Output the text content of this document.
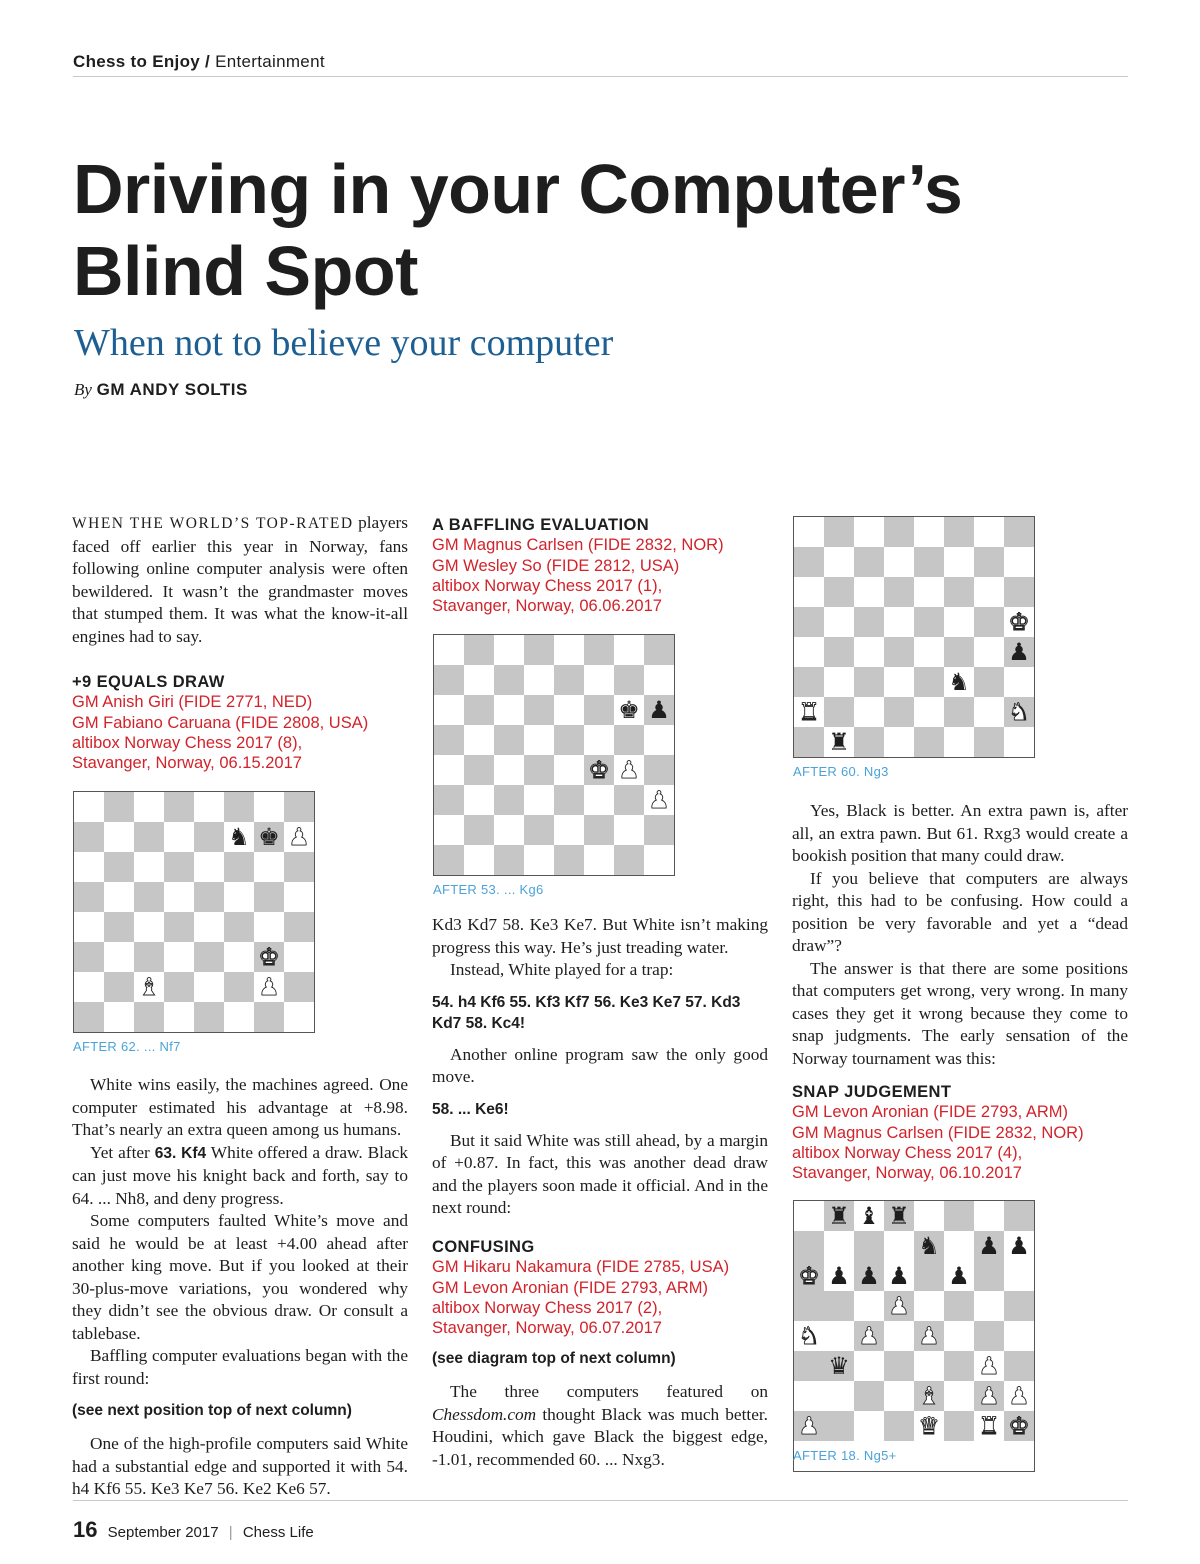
Chess to Enjoy / Entertainment
Driving in your Computer’s Blind Spot
When not to believe your computer
By GM ANDY SOLTIS

WHEN THE WORLD’S TOP-RATED players faced off earlier this year in Norway, fans following online computer analysis were often bewildered. It wasn’t the grandmaster moves that stumped them. It was what the know-it-all engines had to say.

+9 EQUALS DRAW
GM Anish Giri (FIDE 2771, NED)
GM Fabiano Caruana (FIDE 2808, USA)
altibox Norway Chess 2017 (8),
Stavanger, Norway, 06.15.2017
♞ ♚ ♟
♚
♝	♟
AFTER 62. ... Nf7

White wins easily, the machines agreed. One computer estimated his advantage at +8.98. That’s nearly an extra queen among us humans.

Yet after 63. Kf4 White offered a draw. Black can just move his knight back and forth, say to 64. ... Nh8, and deny progress.

Some computers faulted White’s move and said he would be at least +4.00 ahead after another king move. But if you looked at their 30-plus-move variations, you wondered why they didn’t see the obvious draw. Or consult a tablebase.

Baffling computer evaluations began with the first round:

(see next position top of next column)

One of the high-profile computers said White had a substantial edge and supported it with 54. h4 Kf6 55. Ke3 Ke7 56. Ke2 Ke6 57.

A BAFFLING EVALUATION
GM Magnus Carlsen (FIDE 2832, NOR)
GM Wesley So (FIDE 2812, USA)
altibox Norway Chess 2017 (1),
Stavanger, Norway, 06.06.2017
♚ ♟
♚ ♟
♟
AFTER 53. ... Kg6

Kd3 Kd7 58. Ke3 Ke7. But White isn’t making progress this way. He’s just treading water.

Instead, White played for a trap:

54. h4 Kf6 55. Kf3 Kf7 56. Ke3 Ke7 57. Kd3 Kd7 58. Kc4!

Another online program saw the only good move.

58. ... Ke6!

But it said White was still ahead, by a margin of +0.87. In fact, this was another dead draw and the players soon made it official. And in the next round:

CONFUSING
GM Hikaru Nakamura (FIDE 2785, USA)
GM Levon Aronian (FIDE 2793, ARM)
altibox Norway Chess 2017 (2),
Stavanger, Norway, 06.07.2017

(see diagram top of next column)

The three computers featured on Chessdom.com thought Black was much better. Houdini, which gave Black the biggest edge, -1.01, recommended 60. ... Nxg3.

♚
♟
♞
♜	♞
♜
AFTER 60. Ng3

Yes, Black is better. An extra pawn is, after all, an extra pawn. But 61. Rxg3 would create a bookish position that many could draw.

If you believe that computers are always right, this had to be confusing. How could a position be very favorable and yet a “dead draw”?

The answer is that there are some positions that computers get wrong, very wrong. In many cases they get it wrong because they come to snap judgments. The early sensation of the Norway tournament was this:

SNAP JUDGEMENT
GM Levon Aronian (FIDE 2793, ARM)
GM Magnus Carlsen (FIDE 2832, NOR)
altibox Norway Chess 2017 (4),
Stavanger, Norway, 06.10.2017
♜ ♝ ♜
♞ ♟ ♟
♚ ♟ ♟ ♟ ♟
♟
♞ ♟ ♟
♛	♟
♝ ♟ ♟
♟	♛ ♜ ♚
AFTER 18. Ng5+
16 September 2017 | Chess Life
